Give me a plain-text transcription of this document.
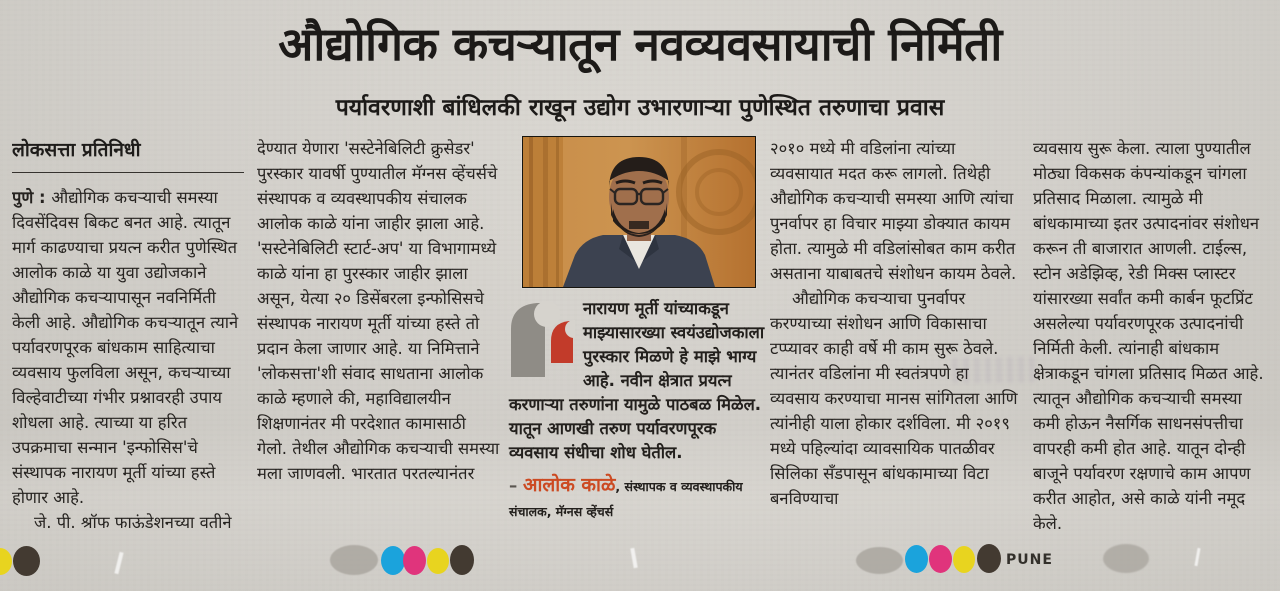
औद्योगिक कचऱ्यातून नवव्यवसायाची निर्मिती
पर्यावरणाशी बांधिलकी राखून उद्योग उभारणाऱ्या पुणेस्थित तरुणाचा प्रवास
लोकसत्ता प्रतिनिधी

पुणे : औद्योगिक कचऱ्याची समस्या दिवसेंदिवस बिकट बनत आहे. त्यातून मार्ग काढण्याचा प्रयत्न करीत पुणेस्थित आलोक काळे या युवा उद्योजकाने औद्योगिक कचऱ्यापासून नवनिर्मिती केली आहे. औद्योगिक कचऱ्यातून त्याने पर्यावरणपूरक बांधकाम साहित्याचा व्यवसाय फुलविला असून, कचऱ्याच्या विल्हेवाटीच्या गंभीर प्रश्नावरही उपाय शोधला आहे. त्याच्या या हरित उपक्रमाचा सन्मान 'इन्फोसिस'चे संस्थापक नारायण मूर्ती यांच्या हस्ते होणार आहे.

जे. पी. श्रॉफ फाऊंडेशनच्या वतीने

देण्यात येणारा 'सस्टेनेबिलिटी क्रुसेडर' पुरस्कार यावर्षी पुण्यातील मॅग्नस व्हेंचर्सचे संस्थापक व व्यवस्थापकीय संचालक आलोक काळे यांना जाहीर झाला आहे. 'सस्टेनेबिलिटी स्टार्ट-अप' या विभागामध्ये काळे यांना हा पुरस्कार जाहीर झाला असून, येत्या २० डिसेंबरला इन्फोसिसचे संस्थापक नारायण मूर्ती यांच्या हस्ते तो प्रदान केला जाणार आहे. या निमित्ताने 'लोकसत्ता'शी संवाद साधताना आलोक काळे म्हणाले की, महाविद्यालयीन शिक्षणानंतर मी परदेशात कामासाठी गेलो. तेथील औद्योगिक कचऱ्याची समस्या मला जाणवली. भारतात परतल्यानंतर

नारायण मूर्ती यांच्याकडून माझ्यासारख्या स्वयंउद्योजकाला पुरस्कार मिळणे हे माझे भाग्य आहे. नवीन क्षेत्रात प्रयत्न करणाऱ्या तरुणांना यामुळे पाठबळ मिळेल. यातून आणखी तरुण पर्यावरणपूरक व्यवसाय संधीचा शोध घेतील.
– आलोक काळे, संस्थापक व व्यवस्थापकीय संचालक, मॅग्नस व्हेंचर्स

२०१० मध्ये मी वडिलांना त्यांच्या व्यवसायात मदत करू लागलो. तिथेही औद्योगिक कचऱ्याची समस्या आणि त्यांचा पुनर्वापर हा विचार माझ्या डोक्यात कायम होता. त्यामुळे मी वडिलांसोबत काम करीत असताना याबाबतचे संशोधन कायम ठेवले.

औद्योगिक कचऱ्याचा पुनर्वापर करण्याच्या संशोधन आणि विकासाचा टप्प्यावर काही वर्षे मी काम सुरू ठेवले. त्यानंतर वडिलांना मी स्वतंत्रपणे हा व्यवसाय करण्याचा मानस सांगितला आणि त्यांनीही याला होकार दर्शविला. मी २०१९ मध्ये पहिल्यांदा व्यावसायिक पातळीवर सिलिका सँडपासून बांधकामाच्या विटा बनविण्याचा

व्यवसाय सुरू केला. त्याला पुण्यातील मोठ्या विकसक कंपन्यांकडून चांगला प्रतिसाद मिळाला. त्यामुळे मी बांधकामाच्या इतर उत्पादनांवर संशोधन करून ती बाजारात आणली. टाईल्स, स्टोन अडेझिव्ह, रेडी मिक्स प्लास्टर यांसारख्या सर्वांत कमी कार्बन फूटप्रिंट असलेल्या पर्यावरणपूरक उत्पादनांची निर्मिती केली. त्यांनाही बांधकाम क्षेत्राकडून चांगला प्रतिसाद मिळत आहे. त्यातून औद्योगिक कचऱ्याची समस्या कमी होऊन नैसर्गिक साधनसंपत्तीचा वापरही कमी होत आहे. यातून दोन्ही बाजूने पर्यावरण रक्षणाचे काम आपण करीत आहोत, असे काळे यांनी नमूद केले.

PUNE
